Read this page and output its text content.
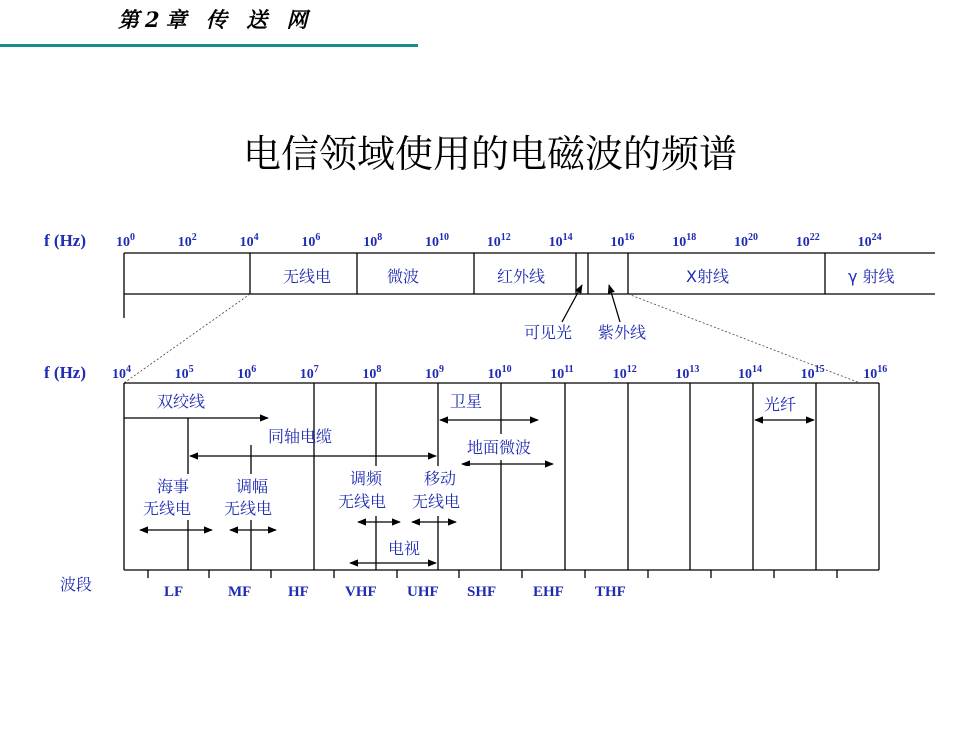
第2章 传 送 网
电信领域使用的电磁波的频谱
f (Hz) $10^0$	$10^2$	$10^4$	$10^6$	$10^8$	$10^{10}$	$10^{12}$	$10^{14}$	$10^{16}$	$10^{18}$	$10^{20}$	$10^{22}$	$10^{24}$
无线电	微波	红外线	X射线	γ 射线
可见光 紫外线
f (Hz) $10^4$	$10^5$	$10^6$	$10^7$	$10^8$	$10^9$	$10^{10}$	$10^{11}$	$10^{12}$	$10^{13}$	$10^{14}$	$10^{15}$	$10^{16}$
双绞线
同轴电缆
卫星
地面微波
光纤
海事
无线电
调幅
无线电
调频
无线电
移动
无线电
电视
波段	LF	MF HF VHF UHF SHF EHF THF
